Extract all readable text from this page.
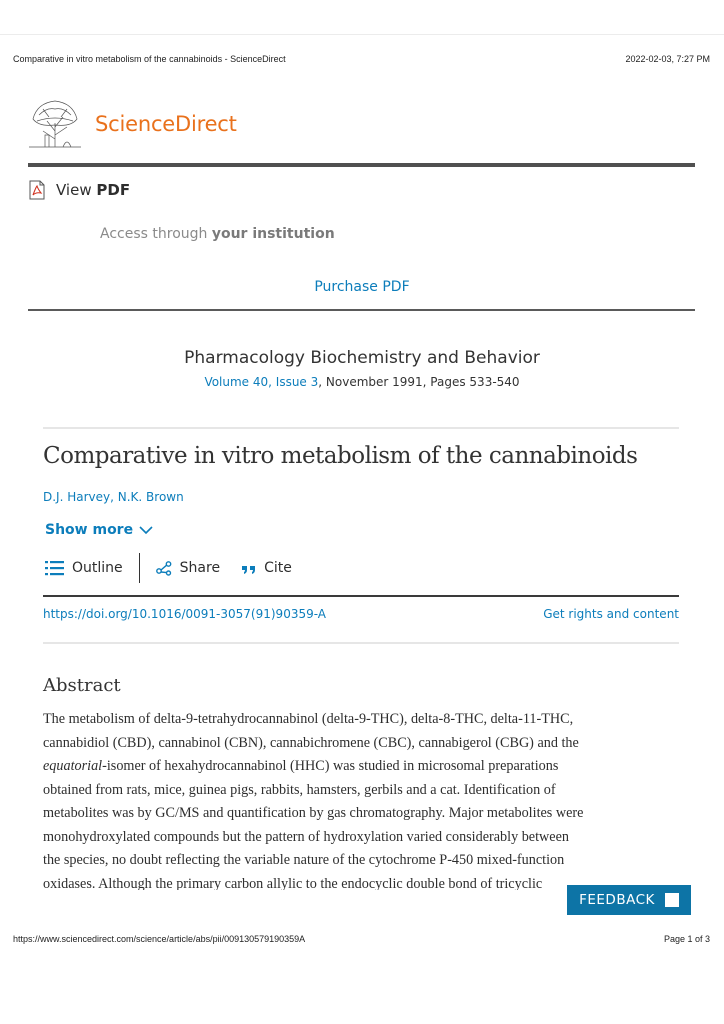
Comparative in vitro metabolism of the cannabinoids - ScienceDirect	2022-02-03, 7:27 PM
ScienceDirect
View PDF
Access through your institution
Purchase PDF
Pharmacology Biochemistry and Behavior
Volume 40, Issue 3, November 1991, Pages 533-540
Comparative in vitro metabolism of the cannabinoids
D.J. Harvey, N.K. Brown
Show more
Outline	Share	Cite
https://doi.org/10.1016/0091-3057(91)90359-A	Get rights and content
Abstract
The metabolism of delta-9-tetrahydrocannabinol (delta-9-THC), delta-8-THC, delta-11-THC,
cannabidiol (CBD), cannabinol (CBN), cannabichromene (CBC), cannabigerol (CBG) and the
equatorial-isomer of hexahydrocannabinol (HHC) was studied in microsomal preparations
obtained from rats, mice, guinea pigs, rabbits, hamsters, gerbils and a cat. Identification of
metabolites was by GC/MS and quantification by gas chromatography. Major metabolites were
monohydroxylated compounds but the pattern of hydroxylation varied considerably between
the species, no doubt reflecting the variable nature of the cytochrome P-450 mixed-function
oxidases. Although the primary carbon allylic to the endocyclic double bond of tricyclic
FEEDBACK
https://www.sciencedirect.com/science/article/abs/pii/009130579190359A	Page 1 of 3
